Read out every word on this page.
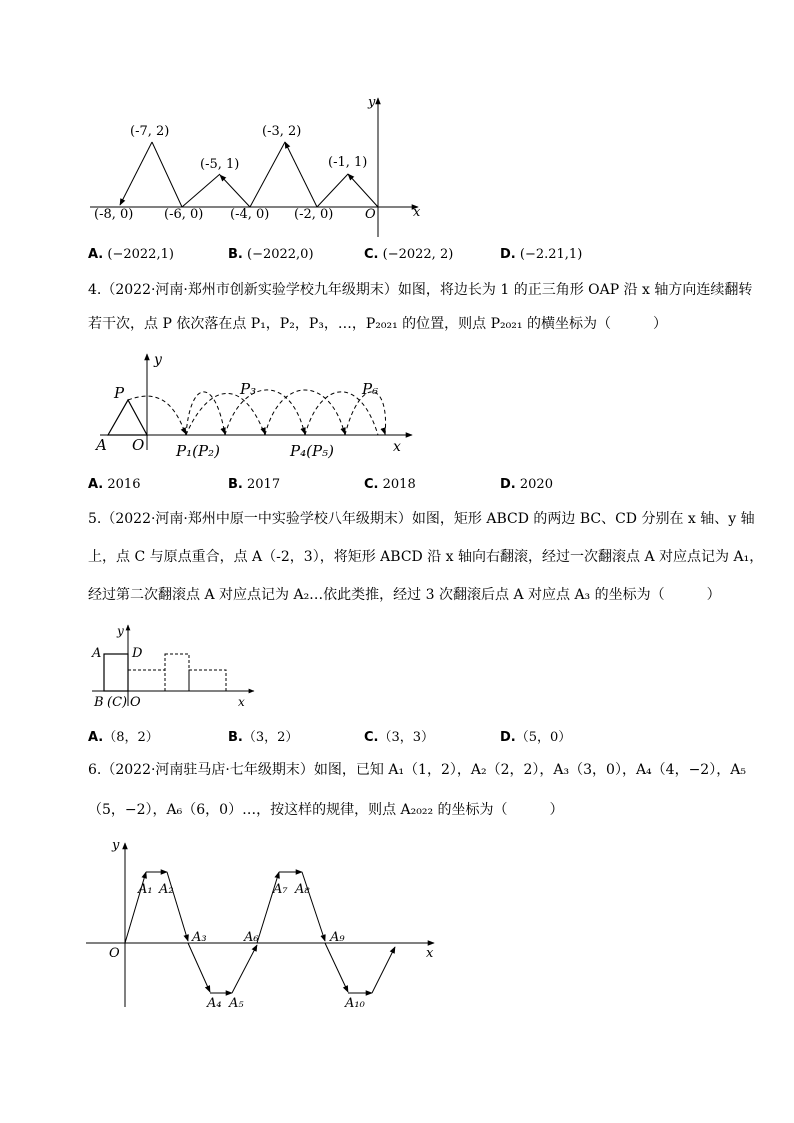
(-7, 2)	(-3, 2)
(-5, 1)	(-1, 1)
(-8, 0) (-6, 0) (-4, 0) (-2, 0) O	x
y
A. (−2022,1)	B. (−2022,0)	C. (−2022, 2)	D. (−2.21,1)
4.（2022·河南·郑州市创新实验学校九年级期末）如图，将边长为 1 的正三角形 OAP 沿 x 轴方向连续翻转
若干次，点 P 依次落在点 P₁，P₂，P₃，…，P₂₀₂₁ 的位置，则点 P₂₀₂₁ 的横坐标为（　　　）
P
y
A O
P₃	P₆
P₁(P₂)	P₄(P₅)	x
A. 2016	B. 2017	C. 2018	D. 2020
5.（2022·河南·郑州中原一中实验学校八年级期末）如图，矩形 ABCD 的两边 BC、CD 分别在 x 轴、y 轴
上，点 C 与原点重合，点 A（-2，3），将矩形 ABCD 沿 x 轴向右翻滚，经过一次翻滚点 A 对应点记为 A₁，
经过第二次翻滚点 A 对应点记为 A₂…依此类推，经过 3 次翻滚后点 A 对应点 A₃ 的坐标为（　　　）
y
A D
B (C) O	x
A.（8，2）	B.（3，2）	C.（3，3）	D.（5，0）
6.（2022·河南驻马店·七年级期末）如图，已知 A₁（1，2），A₂（2，2），A₃（3，0），A₄（4，−2），A₅
（5，−2），A₆（6，0）…，按这样的规律，则点 A₂₀₂₂ 的坐标为（　　　）
y
x
O
A₁ A₂
A₃
A₄ A₅
A₆
A₇ A₈
A₉
A₁₀
